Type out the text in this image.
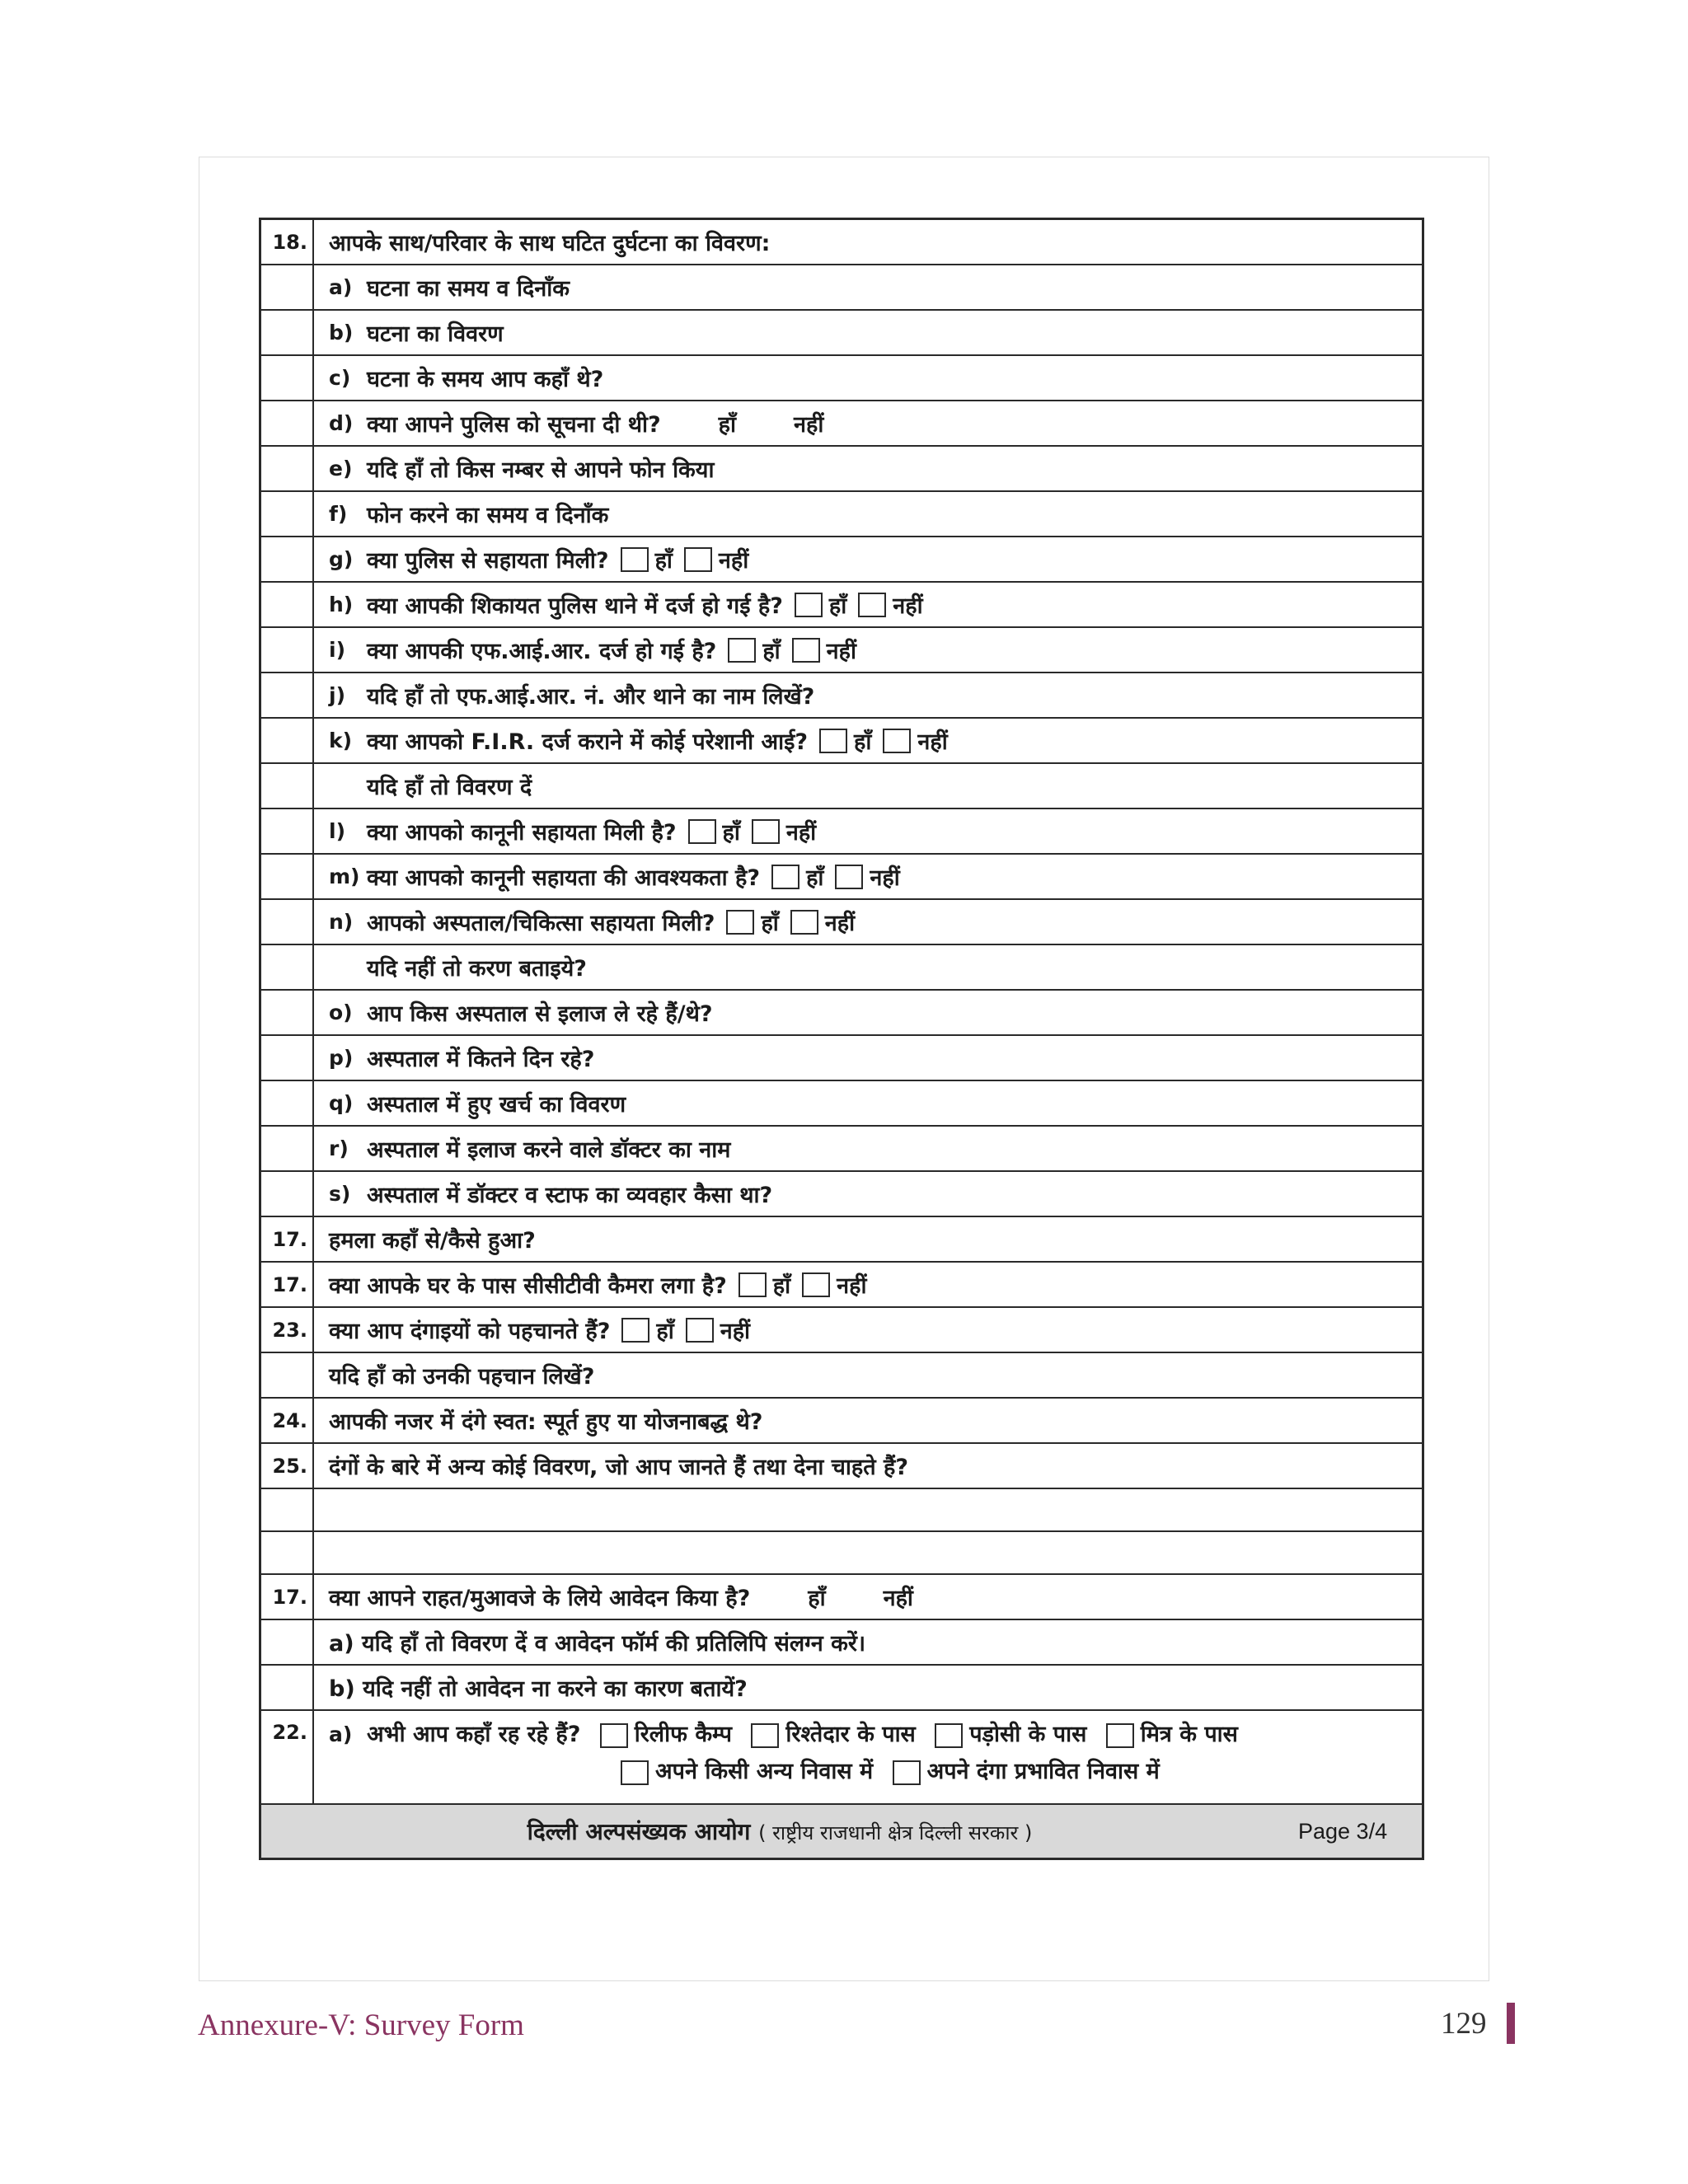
18. आपके साथ/परिवार के साथ घटित दुर्घटना का विवरण:
a) घटना का समय व दिनाँक
b) घटना का विवरण
c) घटना के समय आप कहाँ थे?
d) क्या आपने पुलिस को सूचना दी थी?	हाँ	नहीं
e) यदि हाँ तो किस नम्बर से आपने फोन किया
f) फोन करने का समय व दिनाँक
g) क्या पुलिस से सहायता मिली? हाँ नहीं
h) क्या आपकी शिकायत पुलिस थाने में दर्ज हो गई है? हाँ नहीं
i) क्या आपकी एफ.आई.आर. दर्ज हो गई है? हाँ नहीं
j) यदि हाँ तो एफ.आई.आर. नं. और थाने का नाम लिखें?
k) क्या आपको F.I.R. दर्ज कराने में कोई परेशानी आई? हाँ नहीं
यदि हाँ तो विवरण दें
l) क्या आपको कानूनी सहायता मिली है? हाँ नहीं
m) क्या आपको कानूनी सहायता की आवश्यकता है? हाँ नहीं
n) आपको अस्पताल/चिकित्सा सहायता मिली? हाँ नहीं
यदि नहीं तो करण बताइये?
o) आप किस अस्पताल से इलाज ले रहे हैं/थे?
p) अस्पताल में कितने दिन रहे?
q) अस्पताल में हुए खर्च का विवरण
r) अस्पताल में इलाज करने वाले डॉक्टर का नाम
s) अस्पताल में डॉक्टर व स्टाफ का व्यवहार कैसा था?
17. हमला कहाँ से/कैसे हुआ?
17. क्या आपके घर के पास सीसीटीवी कैमरा लगा है? हाँ नहीं
23. क्या आप दंगाइयों को पहचानते हैं? हाँ नहीं
यदि हाँ को उनकी पहचान लिखें?
24. आपकी नजर में दंगे स्वत: स्पूर्त हुए या योजनाबद्ध थे?
25. दंगों के बारे में अन्य कोई विवरण, जो आप जानते हैं तथा देना चाहते हैं?
17. क्या आपने राहत/मुआवजे के लिये आवेदन किया है?	हाँ	नहीं
a) यदि हाँ तो विवरण दें व आवेदन फॉर्म की प्रतिलिपि संलग्न करें।
b) यदि नहीं तो आवेदन ना करने का कारण बतायें?
22.	a) अभी आप कहाँ रह रहे हैं? रिलीफ कैम्प रिश्तेदार के पास पड़ोसी के पास मित्र के पास
अपने किसी अन्य निवास में अपने दंगा प्रभावित निवास में
दिल्ली अल्पसंख्यक आयोग ( राष्ट्रीय राजधानी क्षेत्र दिल्ली सरकार )	Page 3/4
Annexure-V: Survey Form	129
